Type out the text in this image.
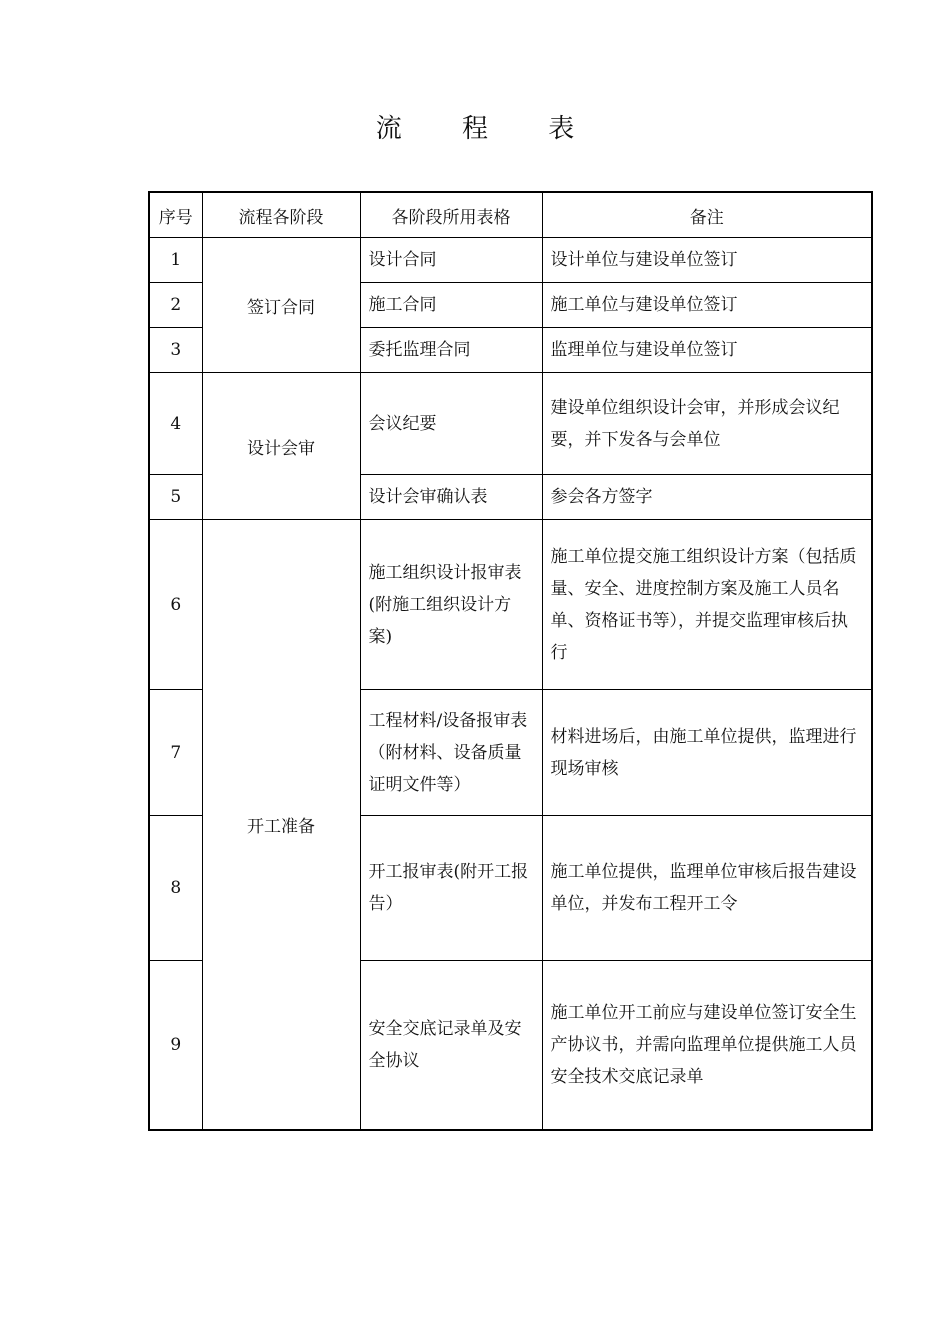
流 程 表
序号	流程各阶段	各阶段所用表格	备注
1	签订合同	设计合同	设计单位与建设单位签订
2		施工合同	施工单位与建设单位签订
3		委托监理合同	监理单位与建设单位签订
4	设计会审	会议纪要	建设单位组织设计会审，并形成会议纪要，并下发各与会单位
5		设计会审确认表	参会各方签字
6	开工准备	施工组织设计报审表(附施工组织设计方案)	施工单位提交施工组织设计方案（包括质量、安全、进度控制方案及施工人员名单、资格证书等），并提交监理审核后执行
7		工程材料/设备报审表（附材料、设备质量证明文件等）	材料进场后，由施工单位提供，监理进行现场审核
8		开工报审表(附开工报告）	施工单位提供，监理单位审核后报告建设单位，并发布工程开工令
9		安全交底记录单及安全协议	施工单位开工前应与建设单位签订安全生产协议书，并需向监理单位提供施工人员安全技术交底记录单
